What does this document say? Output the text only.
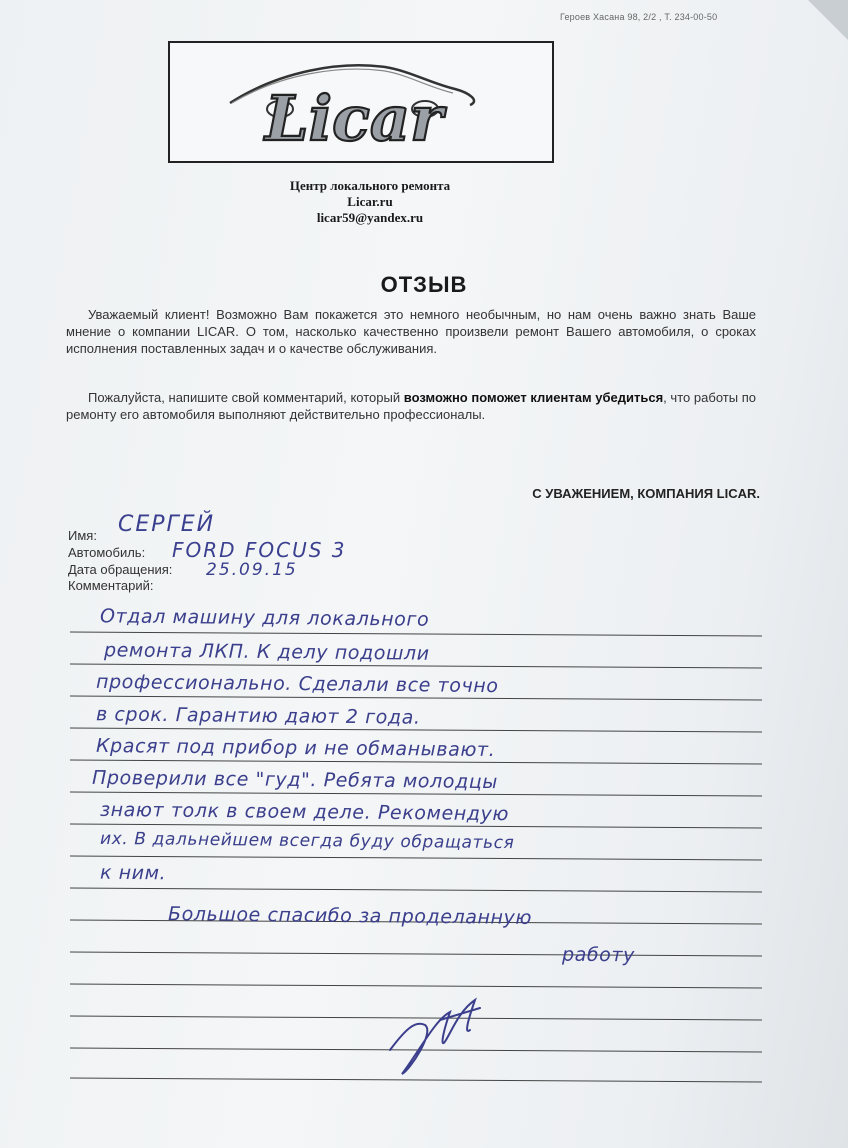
Героев Хасана 98, 2/2 , Т. 234-00-50
Licar
Центр локального ремонта
Licar.ru
licar59@yandex.ru
ОТЗЫВ

Уважаемый клиент! Возможно Вам покажется это немного необычным, но нам очень важно знать Ваше мнение о компании LICAR. О том, насколько качественно произвели ремонт Вашего автомобиля, о сроках исполнения поставленных задач и о качестве обслуживания.

Пожалуйста, напишите свой комментарий, который возможно поможет клиентам убедиться, что работы по ремонту его автомобиля выполняют действительно профессионалы.

С УВАЖЕНИЕМ, КОМПАНИЯ LICAR.
Имя: СЕРГЕЙ
Автомобиль: FORD FOCUS 3
Дата обращения: 25.09.15
Комментарий:
Отдал машину для локального
ремонта ЛКП. К делу подошли
профессионально. Сделали все точно
в срок. Гарантию дают 2 года.
Красят под прибор и не обманывают.
Проверили все "гуд". Ребята молодцы
знают толк в своем деле. Рекомендую
их. В дальнейшем всегда буду обращаться
к ним.
Большое спасибо за проделанную
работу
